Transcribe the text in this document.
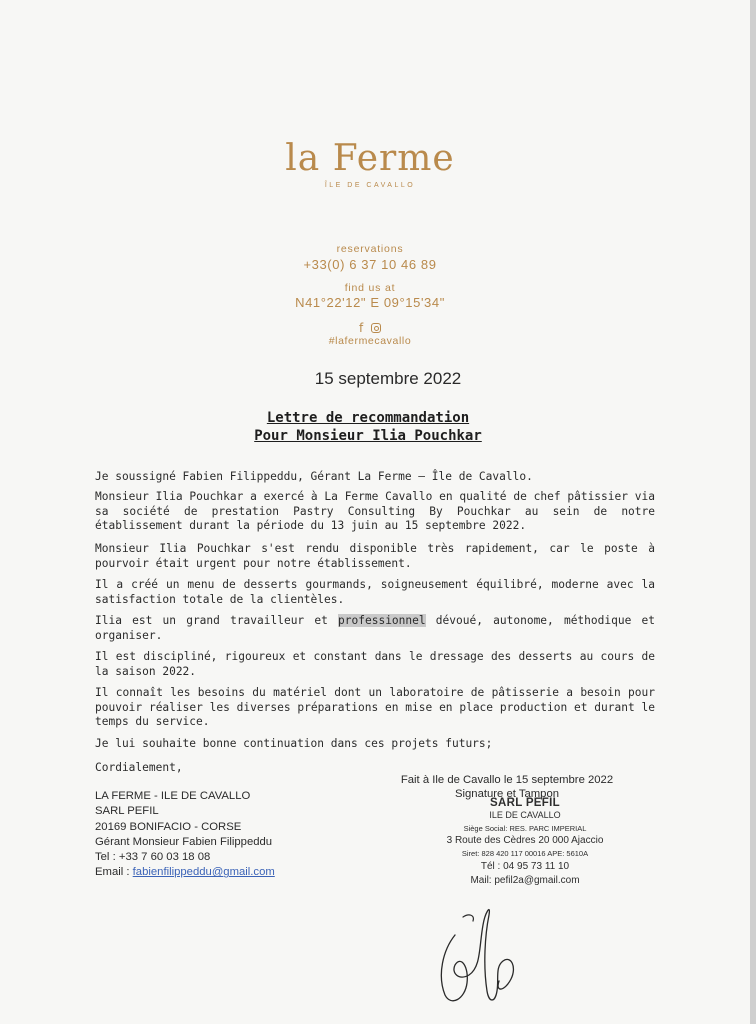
la Ferme
ÎLE DE CAVALLO
reservations
+33(0) 6 37 10 46 89
find us at
N41°22'12" E 09°15'34"
f
#lafermecavallo
15 septembre 2022
Lettre de recommandation
Pour Monsieur Ilia Pouchkar

Je soussigné Fabien Filippeddu, Gérant La Ferme – Île de Cavallo.

Monsieur Ilia Pouchkar a exercé à La Ferme Cavallo en qualité de chef pâtissier via sa société de prestation Pastry Consulting By Pouchkar au sein de notre établissement durant la période du 13 juin au 15 septembre 2022.

Monsieur Ilia Pouchkar s'est rendu disponible très rapidement, car le poste à pourvoir était urgent pour notre établissement.

Il a créé un menu de desserts gourmands, soigneusement équilibré, moderne avec la satisfaction totale de la clientèles.

Ilia est un grand travailleur et professionnel dévoué, autonome, méthodique et organiser.

Il est discipliné, rigoureux et constant dans le dressage des desserts au cours de la saison 2022.

Il connaît les besoins du matériel dont un laboratoire de pâtisserie a besoin pour pouvoir réaliser les diverses préparations en mise en place production et durant le temps du service.

Je lui souhaite bonne continuation dans ces projets futurs;

Cordialement,

LA FERME - ILE DE CAVALLO
SARL PEFIL
20169 BONIFACIO - CORSE
Gérant Monsieur Fabien Filippeddu
Tel : +33 7 60 03 18 08
Email : fabienfilippeddu@gmail.com
Fait à Ile de Cavallo le 15 septembre 2022
Signature et Tampon
SARL PEFIL
ILE DE CAVALLO
Siège Social: RES. PARC IMPERIAL
3 Route des Cèdres 20 000 Ajaccio
Siret: 828 420 117 00016 APE: 5610A
Tél : 04 95 73 11 10
Mail: pefil2a@gmail.com
